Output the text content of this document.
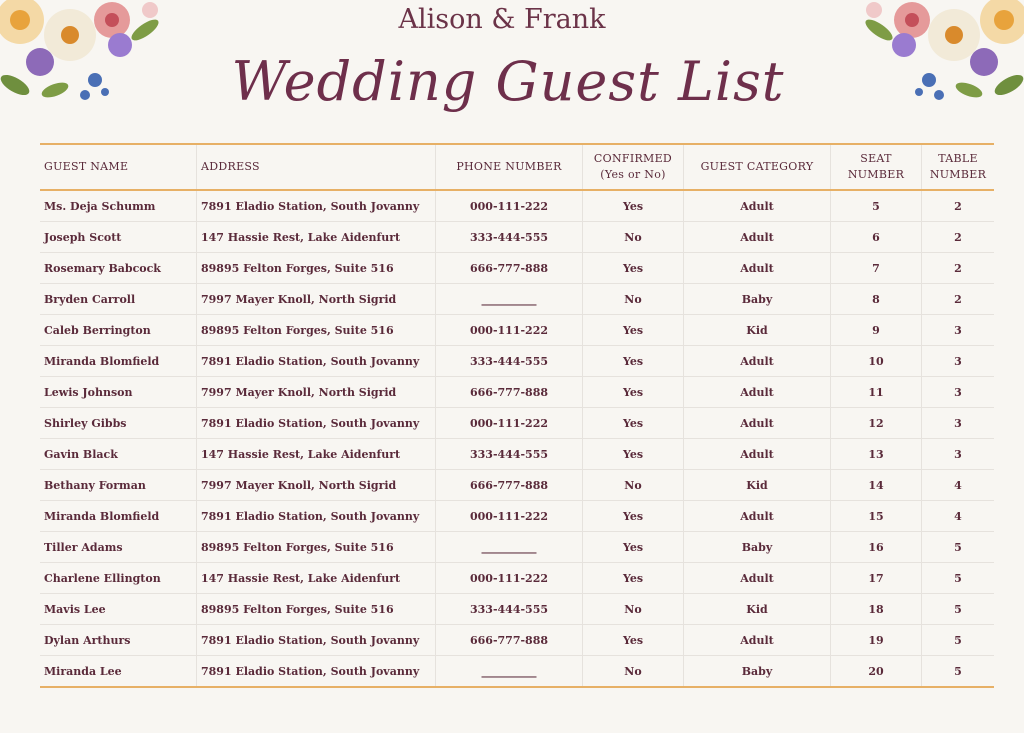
Alison & Frank
Wedding Guest List
GUEST NAME	ADDRESS	PHONE NUMBER	CONFIRMED
(Yes or No)	GUEST CATEGORY	SEAT NUMBER	TABLE NUMBER
Ms. Deja Schumm	7891 Eladio Station, South Jovanny	000-111-222	Yes	Adult	5	2
Joseph Scott	147 Hassie Rest, Lake Aidenfurt	333-444-555	No	Adult	6	2
Rosemary Babcock	89895 Felton Forges, Suite 516	666-777-888	Yes	Adult	7	2
Bryden Carroll	7997 Mayer Knoll, North Sigrid	__________	No	Baby	8	2
Caleb Berrington	89895 Felton Forges, Suite 516	000-111-222	Yes	Kid	9	3
Miranda Blomfield	7891 Eladio Station, South Jovanny	333-444-555	Yes	Adult	10	3
Lewis Johnson	7997 Mayer Knoll, North Sigrid	666-777-888	Yes	Adult	11	3
Shirley Gibbs	7891 Eladio Station, South Jovanny	000-111-222	Yes	Adult	12	3
Gavin Black	147 Hassie Rest, Lake Aidenfurt	333-444-555	Yes	Adult	13	3
Bethany Forman	7997 Mayer Knoll, North Sigrid	666-777-888	No	Kid	14	4
Miranda Blomfield	7891 Eladio Station, South Jovanny	000-111-222	Yes	Adult	15	4
Tiller Adams	89895 Felton Forges, Suite 516	__________	Yes	Baby	16	5
Charlene Ellington	147 Hassie Rest, Lake Aidenfurt	000-111-222	Yes	Adult	17	5
Mavis Lee	89895 Felton Forges, Suite 516	333-444-555	No	Kid	18	5
Dylan Arthurs	7891 Eladio Station, South Jovanny	666-777-888	Yes	Adult	19	5
Miranda Lee	7891 Eladio Station, South Jovanny	__________	No	Baby	20	5
